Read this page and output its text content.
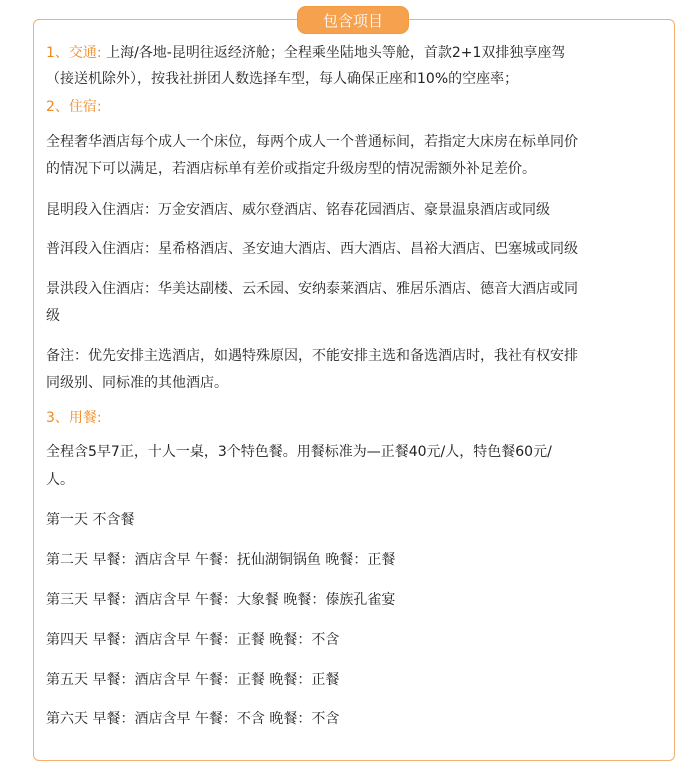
包含项目
1、交通: 上海/各地-昆明往返经济舱；全程乘坐陆地头等舱，首款2+1双排独享座驾
（接送机除外），按我社拼团人数选择车型，每人确保正座和10%的空座率；
2、住宿:
全程奢华酒店每个成人一个床位，每两个成人一个普通标间，若指定大床房在标单同价
的情况下可以满足，若酒店标单有差价或指定升级房型的情况需额外补足差价。
昆明段入住酒店：万金安酒店、威尔登酒店、铭春花园酒店、豪景温泉酒店或同级
普洱段入住酒店：星希格酒店、圣安迪大酒店、西大酒店、昌裕大酒店、巴塞城或同级
景洪段入住酒店：华美达副楼、云禾园、安纳泰莱酒店、雅居乐酒店、德音大酒店或同
级
备注：优先安排主选酒店，如遇特殊原因，不能安排主选和备选酒店时，我社有权安排
同级别、同标准的其他酒店。
3、用餐:
全程含5早7正，十人一桌，3个特色餐。用餐标准为—正餐40元/人，特色餐60元/
人。
第一天 不含餐
第二天 早餐：酒店含早 午餐：抚仙湖铜锅鱼 晚餐：正餐
第三天 早餐：酒店含早 午餐：大象餐 晚餐：傣族孔雀宴
第四天 早餐：酒店含早 午餐：正餐 晚餐：不含
第五天 早餐：酒店含早 午餐：正餐 晚餐：正餐
第六天 早餐：酒店含早 午餐：不含 晚餐：不含
